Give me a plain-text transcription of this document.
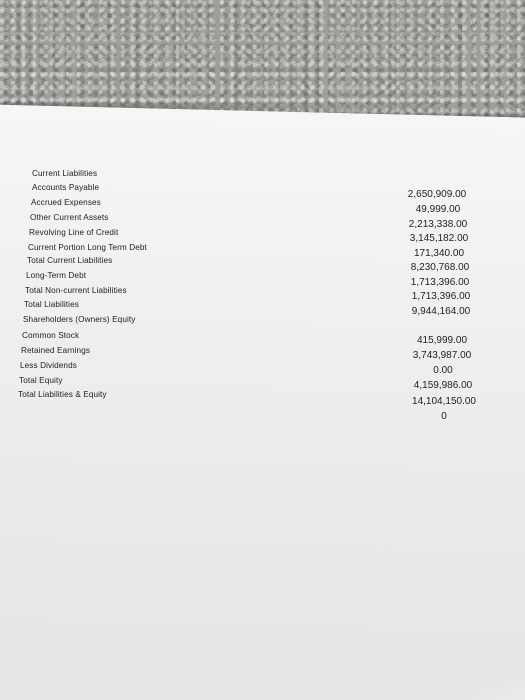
Current Liabilities
Accounts Payable
Accrued Expenses
Other Current Assets
Revolving Line of Credit
Current Portion Long Term Debt
Total Current Liabilities
Long-Term Debt
Total Non-current Liabilities
Total Liabilities
Shareholders (Owners) Equity
Common Stock
Retained Earnings
Less Dividends
Total Equity
Total Liabilities & Equity
2,650,909.00
49,999.00
2,213,338.00
3,145,182.00
171,340.00
8,230,768.00
1,713,396.00
1,713,396.00
9,944,164.00
415,999.00
3,743,987.00
0.00
4,159,986.00
14,104,150.00
0
